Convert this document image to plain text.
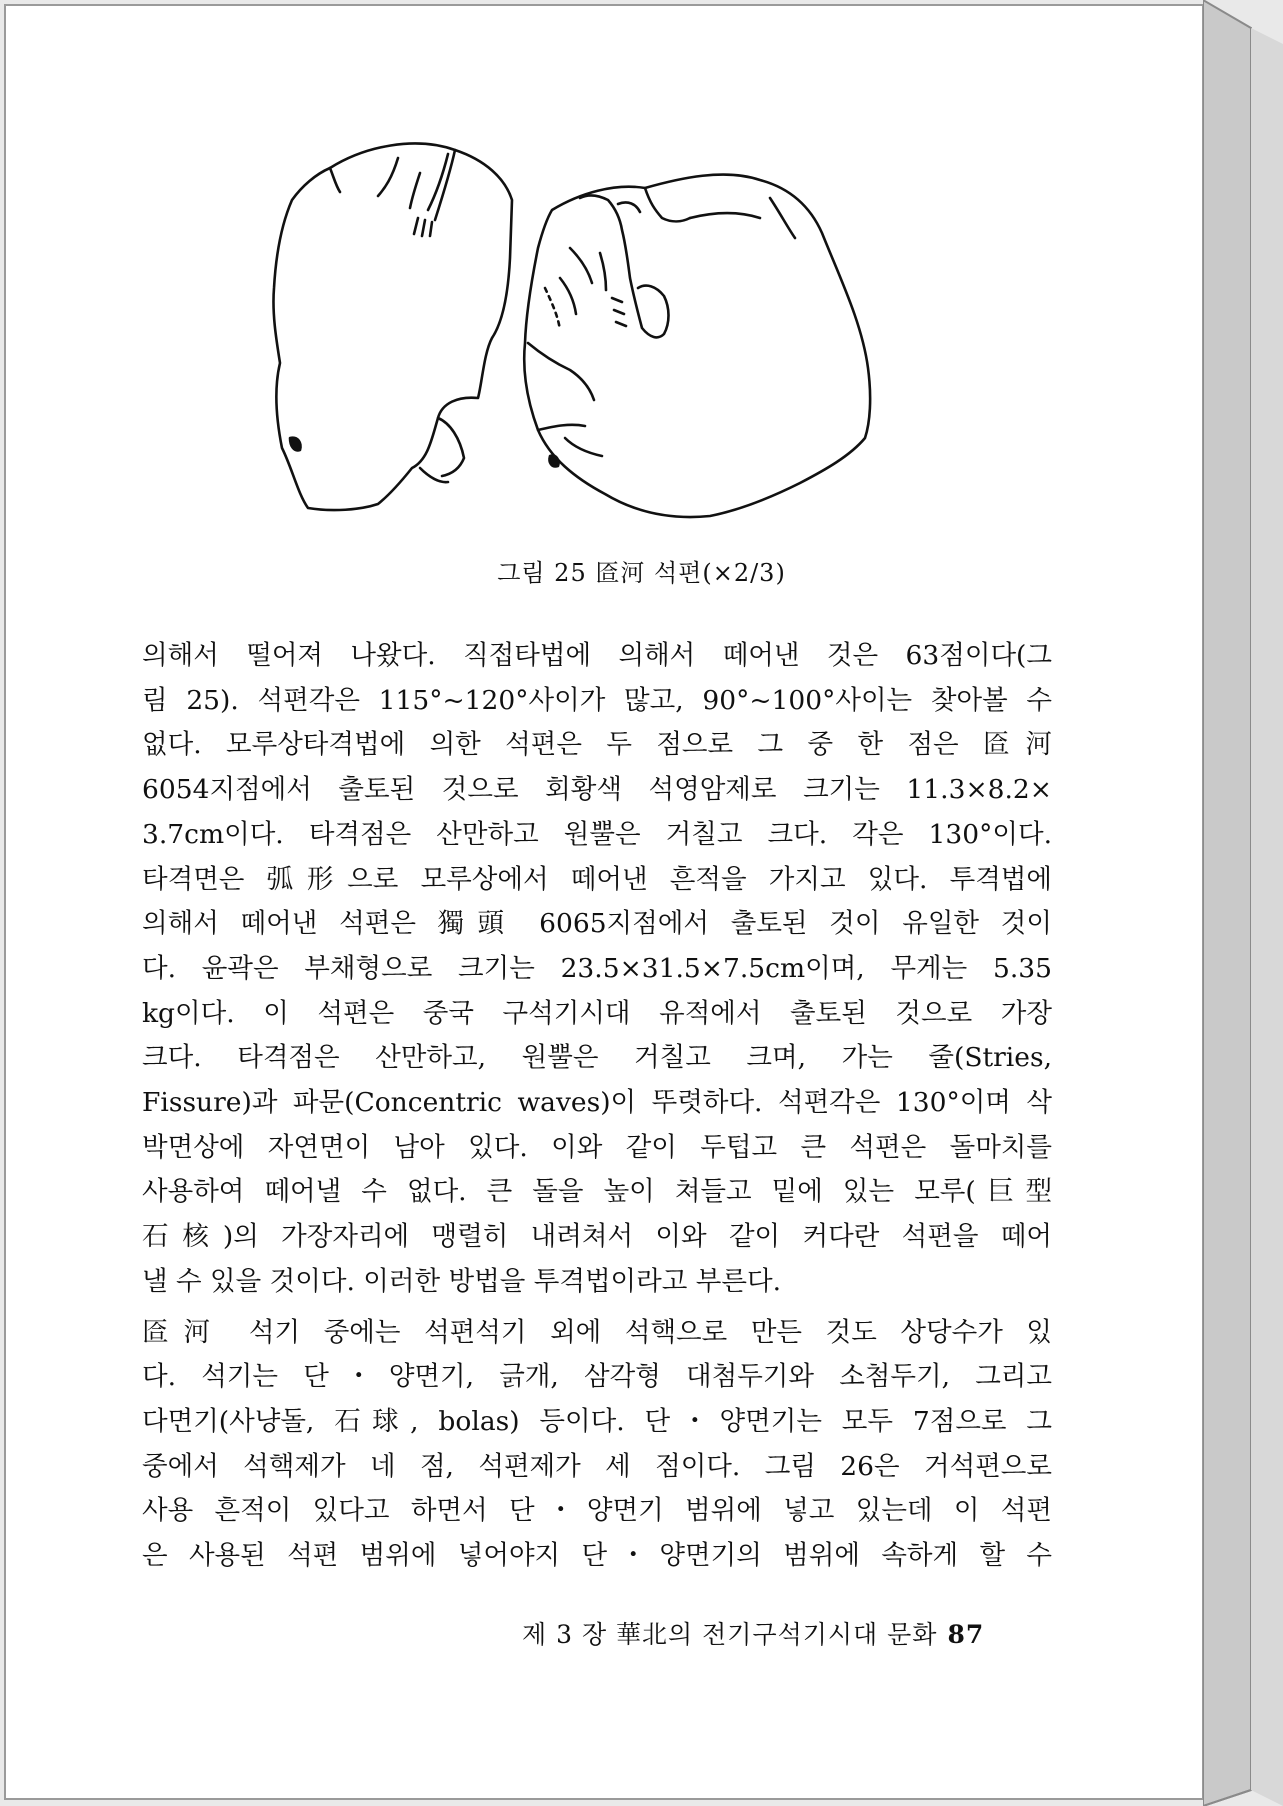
그림 25 匼河 석편(×2/3)
의해서 떨어져 나왔다. 직접타법에 의해서 떼어낸 것은 63점이다(그
림 25). 석편각은 115°~120°사이가 많고, 90°~100°사이는 찾아볼 수
없다. 모루상타격법에 의한 석편은 두 점으로 그 중 한 점은 匼河
6054지점에서 출토된 것으로 회황색 석영암제로 크기는 11.3×8.2×
3.7cm이다. 타격점은 산만하고 원뿔은 거칠고 크다. 각은 130°이다.
타격면은 弧形으로 모루상에서 떼어낸 흔적을 가지고 있다. 투격법에
의해서 떼어낸 석편은 獨頭 6065지점에서 출토된 것이 유일한 것이
다. 윤곽은 부채형으로 크기는 23.5×31.5×7.5cm이며, 무게는 5.35
kg이다. 이 석편은 중국 구석기시대 유적에서 출토된 것으로 가장
크다. 타격점은 산만하고, 원뿔은 거칠고 크며, 가는 줄(Stries,
Fissure)과 파문(Concentric waves)이 뚜렷하다. 석편각은 130°이며 삭
박면상에 자연면이 남아 있다. 이와 같이 두텁고 큰 석편은 돌마치를
사용하여 떼어낼 수 없다. 큰 돌을 높이 쳐들고 밑에 있는 모루(巨型
石核)의 가장자리에 맹렬히 내려쳐서 이와 같이 커다란 석편을 떼어
낼 수 있을 것이다. 이러한 방법을 투격법이라고 부른다.
匼河 석기 중에는 석편석기 외에 석핵으로 만든 것도 상당수가 있
다. 석기는 단・양면기, 긁개, 삼각형 대첨두기와 소첨두기, 그리고
다면기(사냥돌, 石球, bolas) 등이다. 단・양면기는 모두 7점으로 그
중에서 석핵제가 네 점, 석편제가 세 점이다. 그림 26은 거석편으로
사용 흔적이 있다고 하면서 단・양면기 범위에 넣고 있는데 이 석편
은 사용된 석편 범위에 넣어야지 단・양면기의 범위에 속하게 할 수
제 3 장 華北의 전기구석기시대 문화 87
